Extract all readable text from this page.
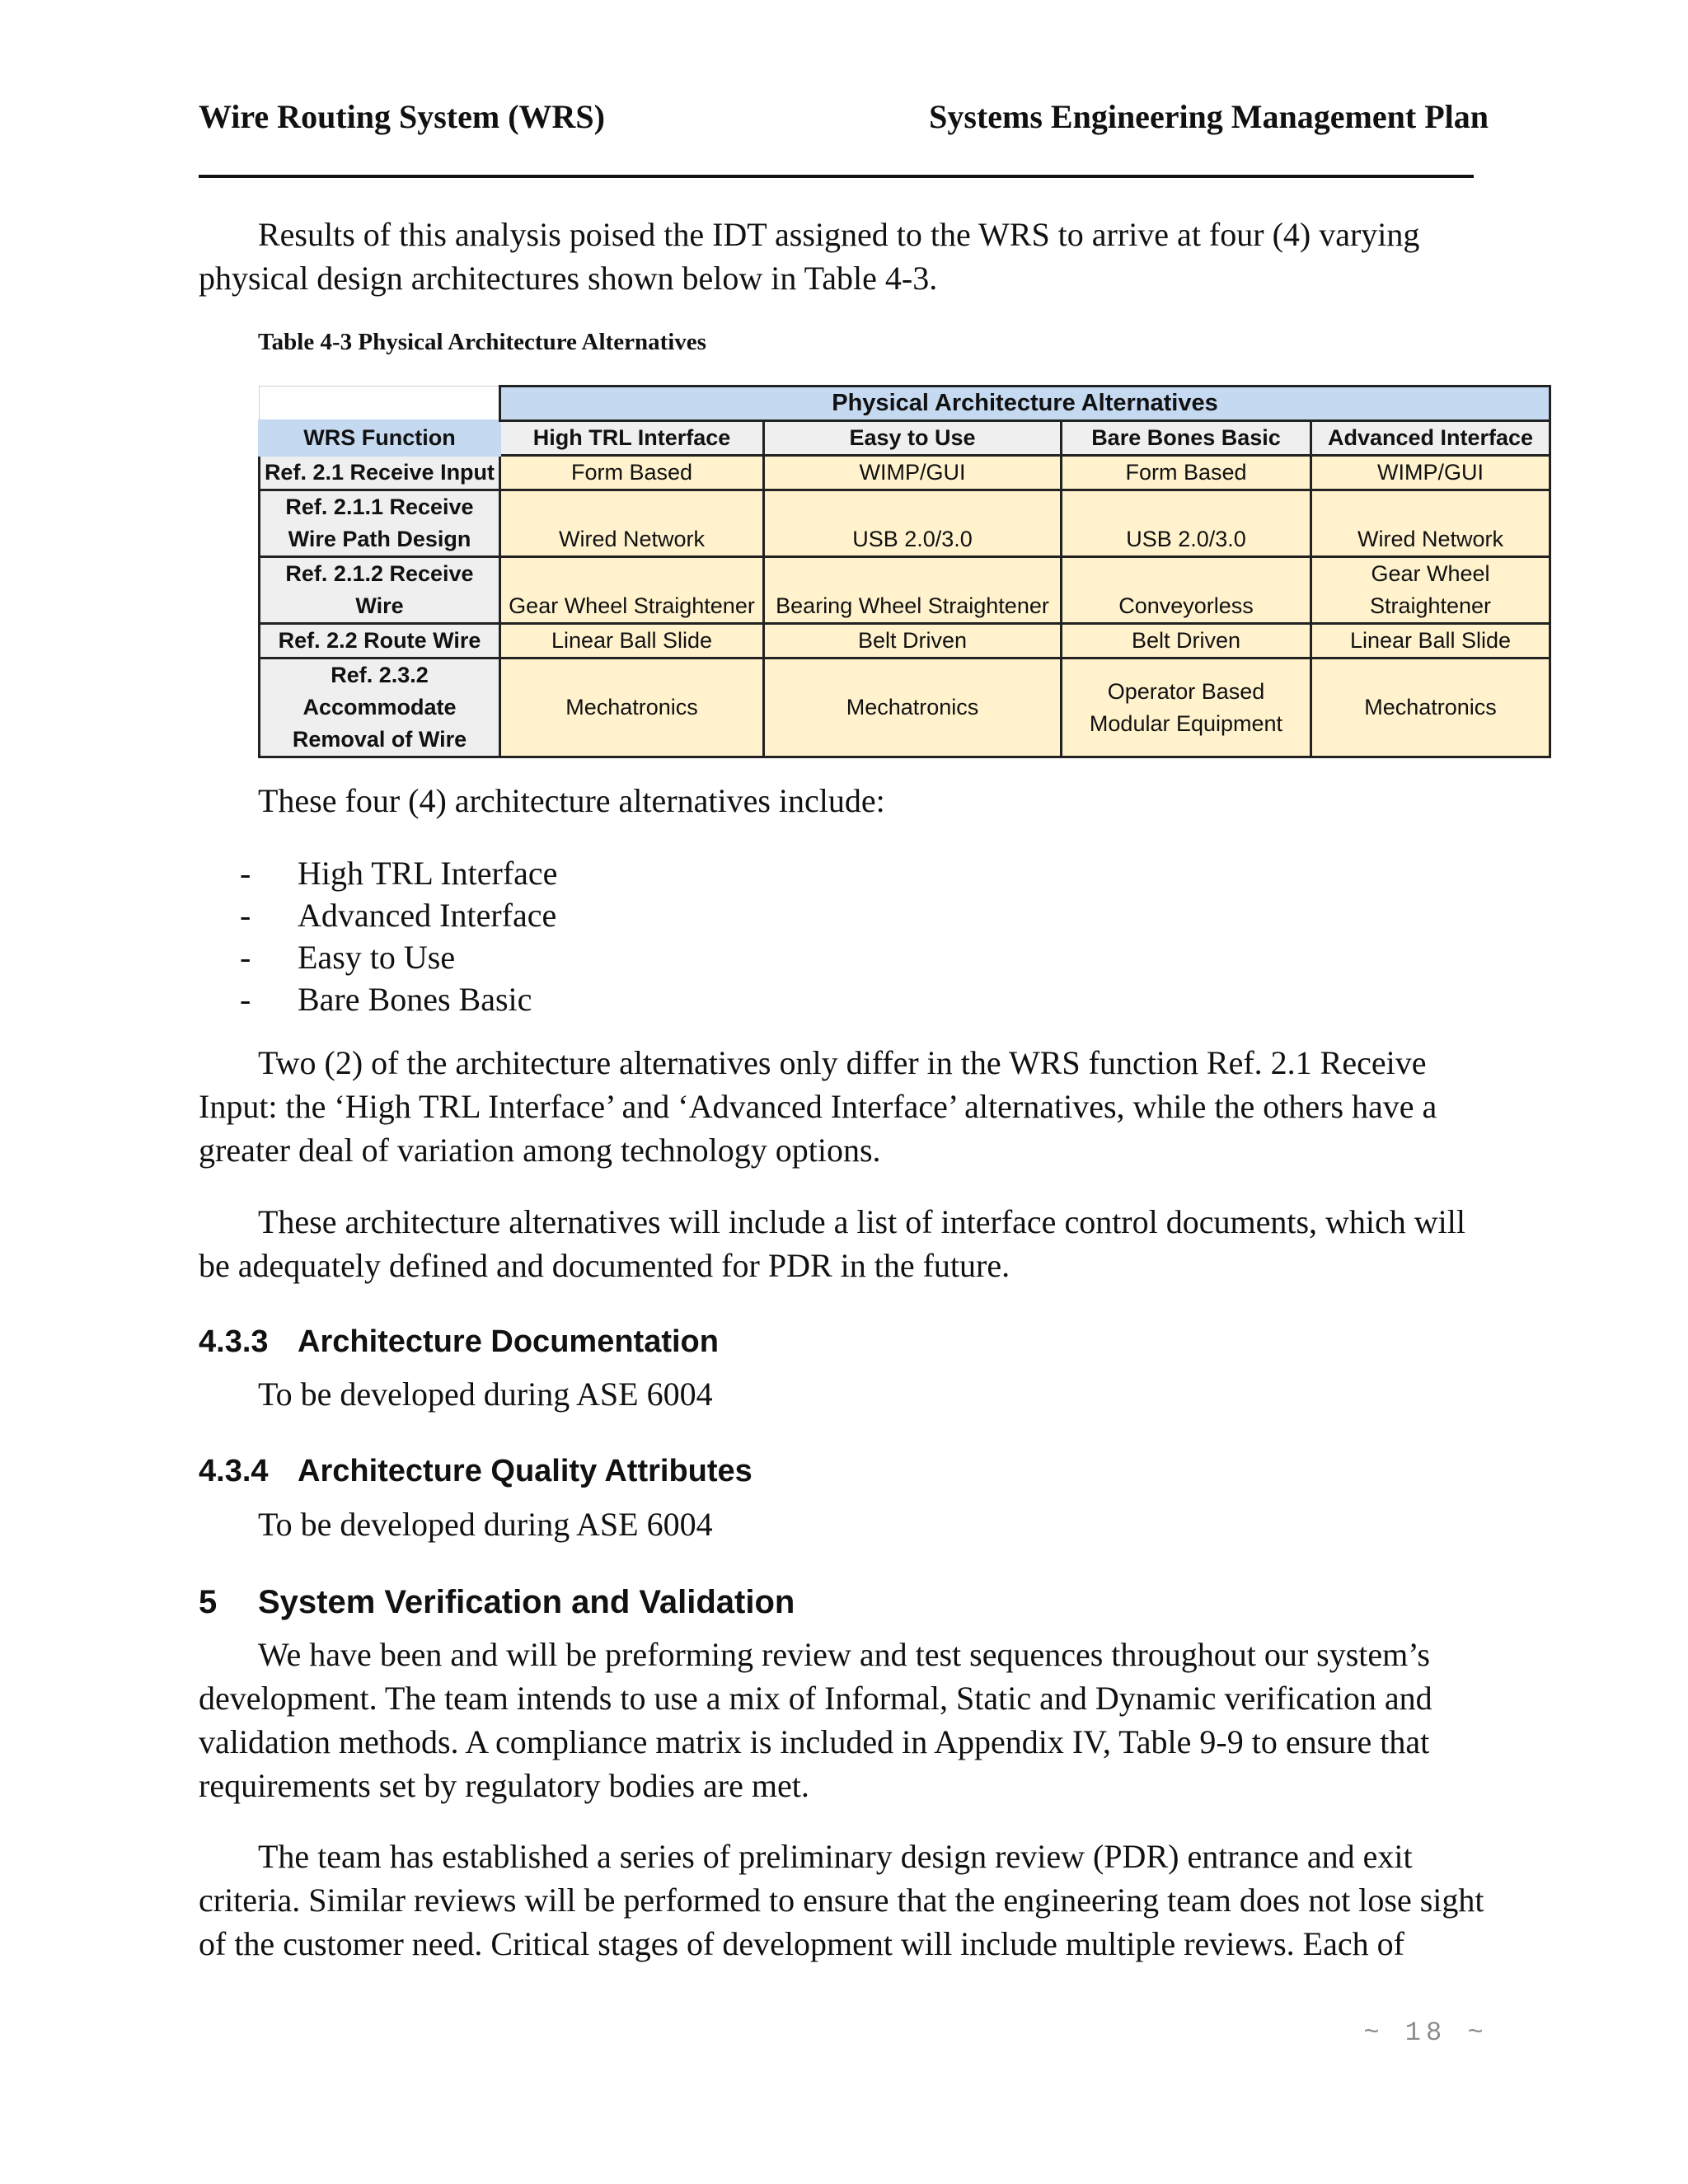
Wire Routing System (WRS)	Systems Engineering Management Plan
Results of this analysis poised the IDT assigned to the WRS to arrive at four (4) varying
physical design architectures shown below in Table 4-3.
Table 4-3 Physical Architecture Alternatives
	Physical Architecture Alternatives			
WRS Function	High TRL Interface	Easy to Use	Bare Bones Basic	Advanced Interface
Ref. 2.1 Receive Input	Form Based	WIMP/GUI	Form Based	WIMP/GUI
Ref. 2.1.1 Receive Wire Path Design	Wired Network	USB 2.0/3.0	USB 2.0/3.0	Wired Network
Ref. 2.1.2 Receive Wire	Gear Wheel Straightener	Bearing Wheel Straightener	Conveyorless	Gear Wheel Straightener
Ref. 2.2 Route Wire	Linear Ball Slide	Belt Driven	Belt Driven	Linear Ball Slide
Ref. 2.3.2 Accommodate Removal of Wire	Mechatronics	Mechatronics	Operator Based Modular Equipment	Mechatronics
These four (4) architecture alternatives include:
-	High TRL Interface
-	Advanced Interface
-	Easy to Use
-	Bare Bones Basic
Two (2) of the architecture alternatives only differ in the WRS function Ref. 2.1 Receive
Input: the ‘High TRL Interface’ and ‘Advanced Interface’ alternatives, while the others have a
greater deal of variation among technology options.
These architecture alternatives will include a list of interface control documents, which will
be adequately defined and documented for PDR in the future.
4.3.3 Architecture Documentation
To be developed during ASE 6004
4.3.4 Architecture Quality Attributes
To be developed during ASE 6004
5 System Verification and Validation
We have been and will be preforming review and test sequences throughout our system’s
development. The team intends to use a mix of Informal, Static and Dynamic verification and
validation methods. A compliance matrix is included in Appendix IV, Table 9-9 to ensure that
requirements set by regulatory bodies are met.
The team has established a series of preliminary design review (PDR) entrance and exit
criteria. Similar reviews will be performed to ensure that the engineering team does not lose sight
of the customer need. Critical stages of development will include multiple reviews. Each of
~ 18 ~
